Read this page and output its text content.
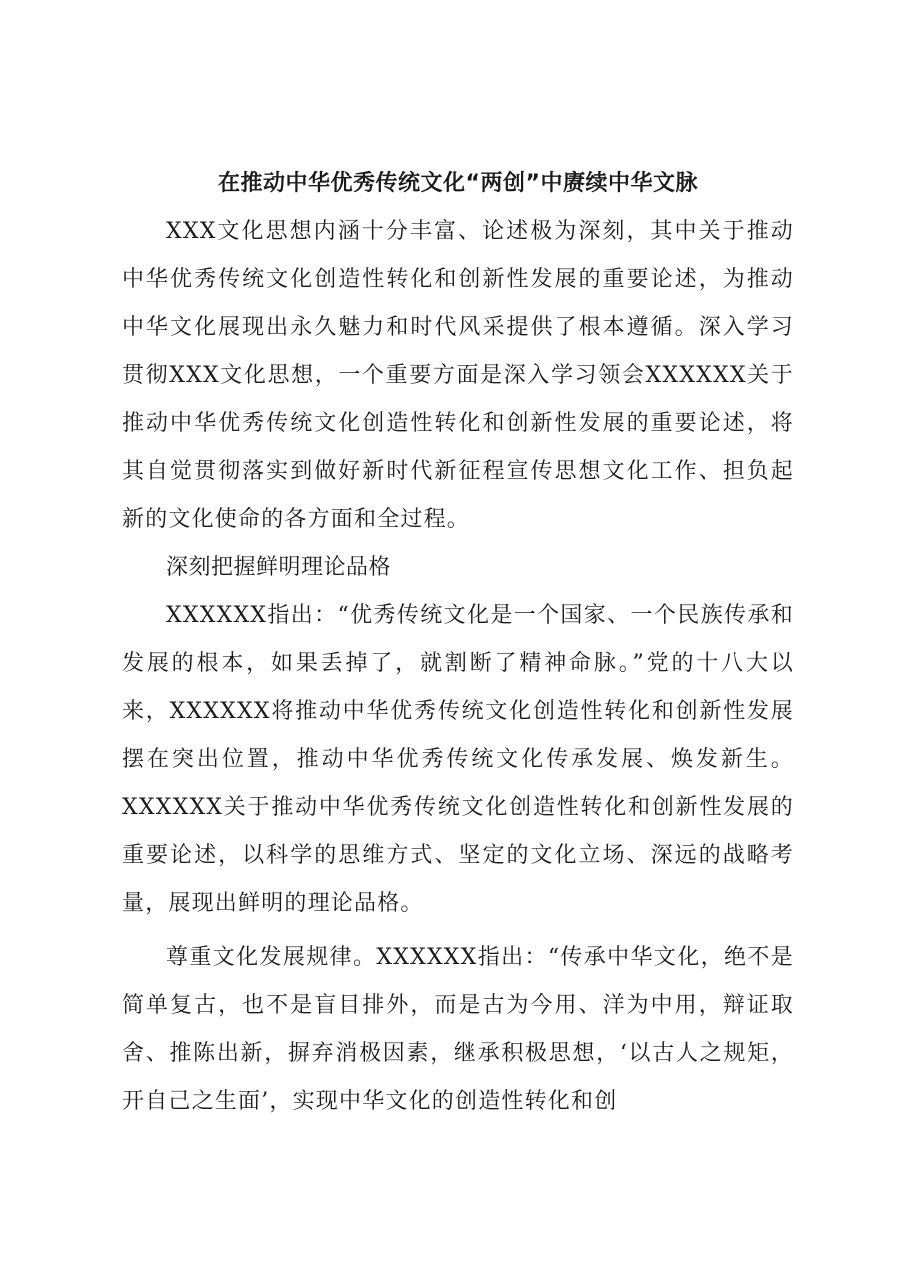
在推动中华优秀传统文化“两创”中赓续中华文脉

XXX文化思想内涵十分丰富、论述极为深刻，其中关于推动中华优秀传统文化创造性转化和创新性发展的重要论述，为推动中华文化展现出永久魅力和时代风采提供了根本遵循。深入学习贯彻XXX文化思想，一个重要方面是深入学习领会XXXXXX关于推动中华优秀传统文化创造性转化和创新性发展的重要论述，将其自觉贯彻落实到做好新时代新征程宣传思想文化工作、担负起新的文化使命的各方面和全过程。

深刻把握鲜明理论品格

XXXXXX指出：“优秀传统文化是一个国家、一个民族传承和发展的根本，如果丢掉了，就割断了精神命脉。”党的十八大以来，XXXXXX将推动中华优秀传统文化创造性转化和创新性发展摆在突出位置，推动中华优秀传统文化传承发展、焕发新生。XXXXXX关于推动中华优秀传统文化创造性转化和创新性发展的重要论述，以科学的思维方式、坚定的文化立场、深远的战略考量，展现出鲜明的理论品格。

尊重文化发展规律。XXXXXX指出：“传承中华文化，绝不是简单复古，也不是盲目排外，而是古为今用、洋为中用，辩证取舍、推陈出新，摒弃消极因素，继承积极思想，‘以古人之规矩，开自己之生面’，实现中华文化的创造性转化和创
